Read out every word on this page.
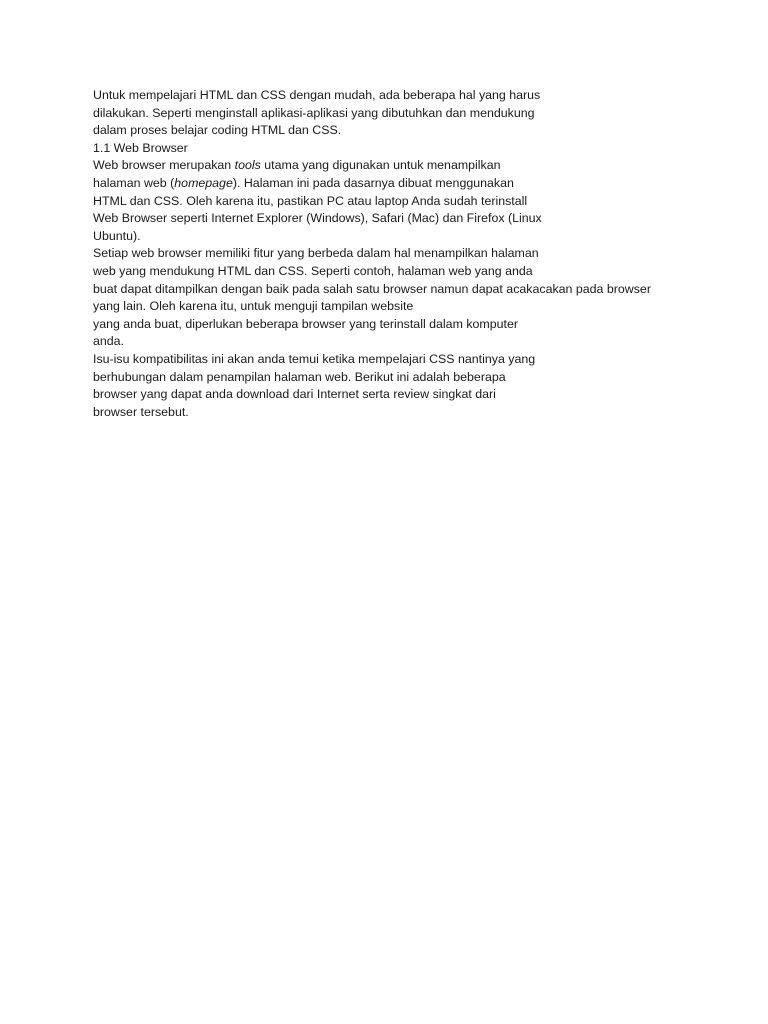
Untuk mempelajari HTML dan CSS dengan mudah, ada beberapa hal yang harus
dilakukan. Seperti menginstall aplikasi-aplikasi yang dibutuhkan dan mendukung
dalam proses belajar coding HTML dan CSS.
1.1 Web Browser
Web browser merupakan tools utama yang digunakan untuk menampilkan
halaman web (homepage). Halaman ini pada dasarnya dibuat menggunakan
HTML dan CSS. Oleh karena itu, pastikan PC atau laptop Anda sudah terinstall
Web Browser seperti Internet Explorer (Windows), Safari (Mac) dan Firefox (Linux
Ubuntu).
Setiap web browser memiliki fitur yang berbeda dalam hal menampilkan halaman
web yang mendukung HTML dan CSS. Seperti contoh, halaman web yang anda
buat dapat ditampilkan dengan baik pada salah satu browser namun dapat acakacakan pada browser
yang lain. Oleh karena itu, untuk menguji tampilan website
yang anda buat, diperlukan beberapa browser yang terinstall dalam komputer
anda.
Isu-isu kompatibilitas ini akan anda temui ketika mempelajari CSS nantinya yang
berhubungan dalam penampilan halaman web. Berikut ini adalah beberapa
browser yang dapat anda download dari Internet serta review singkat dari
browser tersebut.
